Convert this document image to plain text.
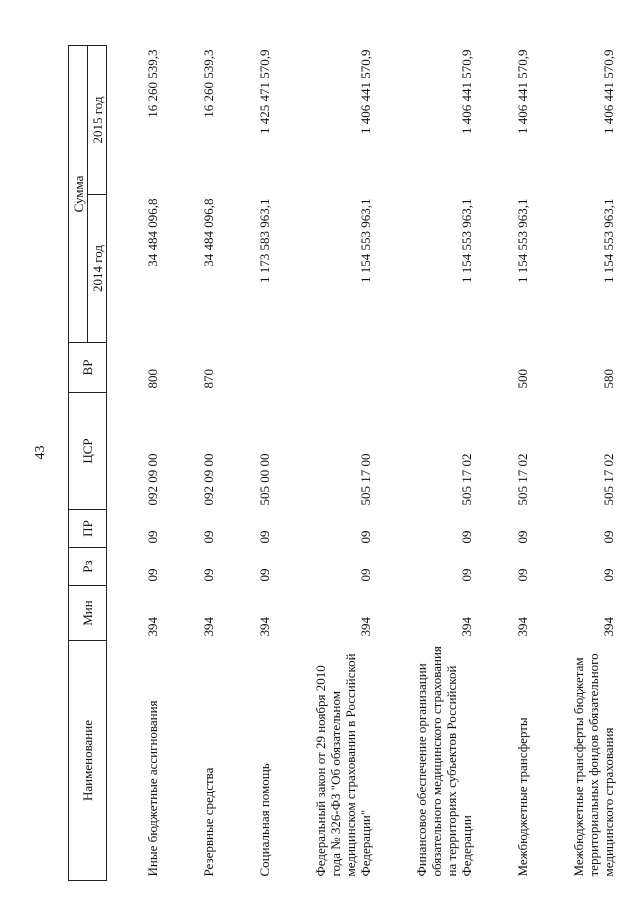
43
Наименование	Мин	Рз	ПР	ЦСР	ВР	Сумма	
						2014 год	2015 год

Иные бюджетные ассигнования	394	09	09	092 09 00	800	34 484 096,8	16 260 539,3

Резервные средства	394	09	09	092 09 00	870	34 484 096,8	16 260 539,3

Социальная помощь	394	09	09	505 00 00		1 173 583 963,1	1 425 471 570,9

Федеральный закон от 29 ноября 2010 года № 326-ФЗ "Об обязательном медицинском страховании в Российской Федерации"	394	09	09	505 17 00		1 154 553 963,1	1 406 441 570,9

Финансовое обеспечение организации обязательного медицинского страхования на территориях субъектов Российской Федерации	394	09	09	505 17 02		1 154 553 963,1	1 406 441 570,9

Межбюджетные трансферты	394	09	09	505 17 02	500	1 154 553 963,1	1 406 441 570,9

Межбюджетные трансферты бюджетам территориальных фондов обязательного медицинского страхования	394	09	09	505 17 02	580	1 154 553 963,1	1 406 441 570,9
